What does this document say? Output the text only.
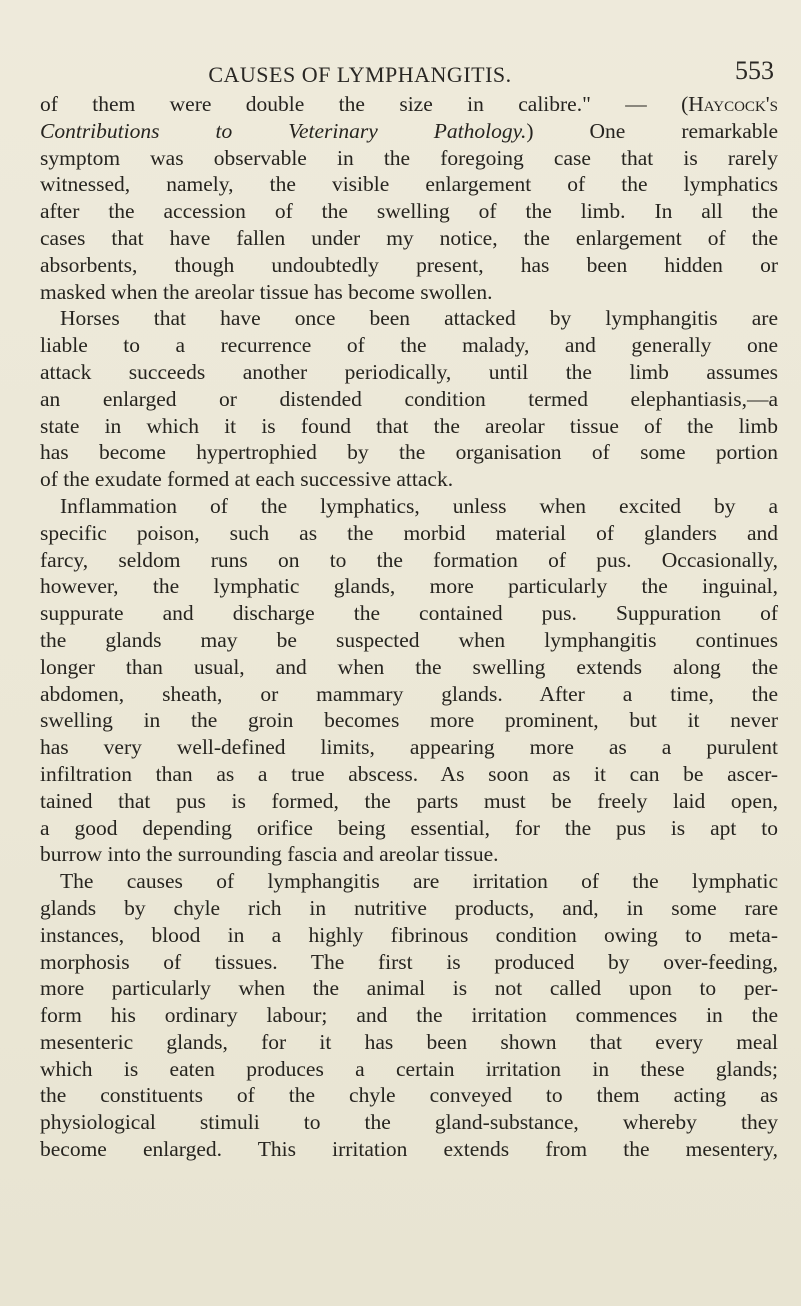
CAUSES OF LYMPHANGITIS.	553
of them were double the size in calibre." — (Haycock's
Contributions to Veterinary Pathology.) One remarkable
symptom was observable in the foregoing case that is rarely
witnessed, namely, the visible enlargement of the lymphatics
after the accession of the swelling of the limb. In all the
cases that have fallen under my notice, the enlargement of the
absorbents, though undoubtedly present, has been hidden or
masked when the areolar tissue has become swollen.
Horses that have once been attacked by lymphangitis are
liable to a recurrence of the malady, and generally one
attack succeeds another periodically, until the limb assumes
an enlarged or distended condition termed elephantiasis,—a
state in which it is found that the areolar tissue of the limb
has become hypertrophied by the organisation of some portion
of the exudate formed at each successive attack.
Inflammation of the lymphatics, unless when excited by a
specific poison, such as the morbid material of glanders and
farcy, seldom runs on to the formation of pus. Occasionally,
however, the lymphatic glands, more particularly the inguinal,
suppurate and discharge the contained pus. Suppuration of
the glands may be suspected when lymphangitis continues
longer than usual, and when the swelling extends along the
abdomen, sheath, or mammary glands. After a time, the
swelling in the groin becomes more prominent, but it never
has very well-defined limits, appearing more as a purulent
infiltration than as a true abscess. As soon as it can be ascer-
tained that pus is formed, the parts must be freely laid open,
a good depending orifice being essential, for the pus is apt to
burrow into the surrounding fascia and areolar tissue.
The causes of lymphangitis are irritation of the lymphatic
glands by chyle rich in nutritive products, and, in some rare
instances, blood in a highly fibrinous condition owing to meta-
morphosis of tissues. The first is produced by over-feeding,
more particularly when the animal is not called upon to per-
form his ordinary labour; and the irritation commences in the
mesenteric glands, for it has been shown that every meal
which is eaten produces a certain irritation in these glands;
the constituents of the chyle conveyed to them acting as
physiological stimuli to the gland-substance, whereby they
become enlarged. This irritation extends from the mesentery,
